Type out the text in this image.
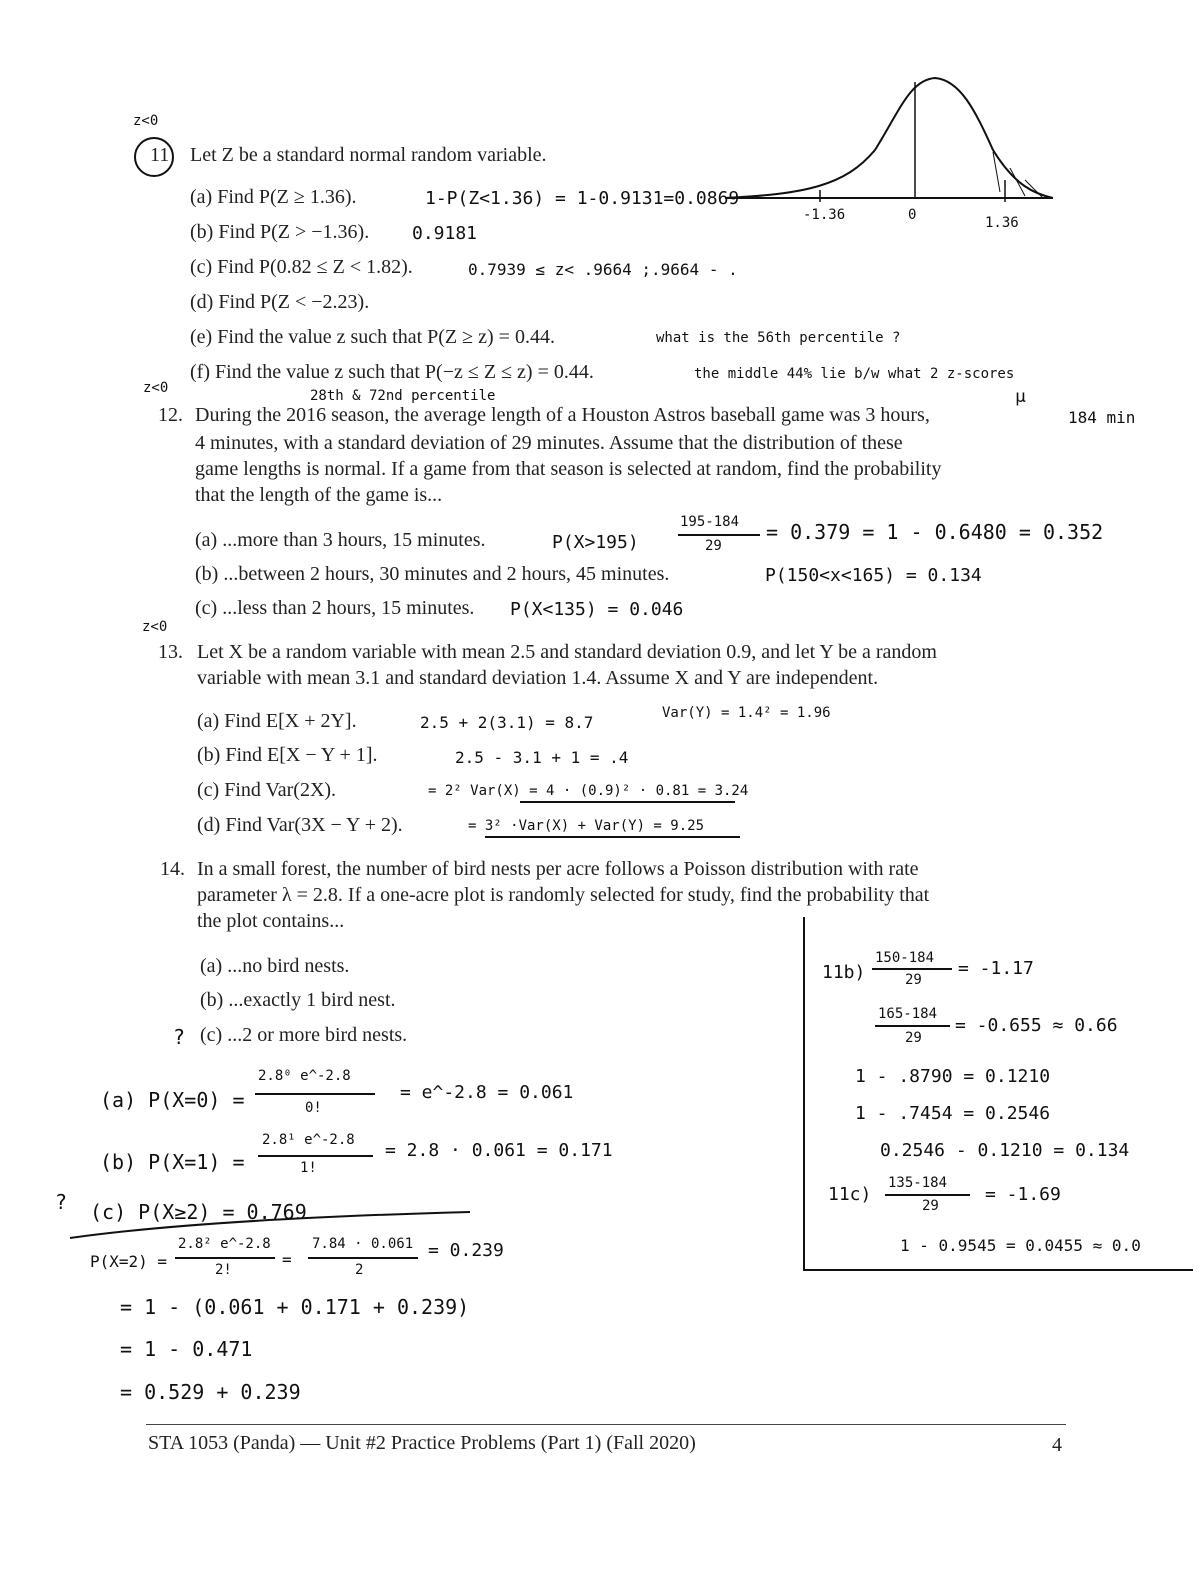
z<0
11 Let Z be a standard normal random variable.
(a) Find P(Z ≥ 1.36).	1-P(Z<1.36) = 1-0.9131=0.0869
(b) Find P(Z > −1.36). 0.9181
(c) Find P(0.82 ≤ Z < 1.82).	0.7939 ≤ z< .9664 ;.9664 - .
(d) Find P(Z < −2.23).
(e) Find the value z such that P(Z ≥ z) = 0.44.	what is the 56th percentile ?
(f) Find the value z such that P(−z ≤ Z ≤ z) = 0.44.	the middle 44% lie b/w what 2 z-scores
28th & 72nd percentile
-1.36	0	1.36
z<0	μ
184 min
12. During the 2016 season, the average length of a Houston Astros baseball game was 3 hours,
4 minutes, with a standard deviation of 29 minutes. Assume that the distribution of these
game lengths is normal. If a game from that season is selected at random, find the probability
that the length of the game is...
(a) ...more than 3 hours, 15 minutes.	P(X>195)
195-184
29
= 0.379 = 1 - 0.6480 = 0.352
(b) ...between 2 hours, 30 minutes and 2 hours, 45 minutes.	P(150<x<165) = 0.134
(c) ...less than 2 hours, 15 minutes. P(X<135) = 0.046
z<0
13. Let X be a random variable with mean 2.5 and standard deviation 0.9, and let Y be a random
variable with mean 3.1 and standard deviation 1.4. Assume X and Y are independent.
Var(Y) = 1.4² = 1.96
(a) Find E[X + 2Y].	2.5 + 2(3.1) = 8.7
(b) Find E[X − Y + 1].	2.5 - 3.1 + 1 = .4
(c) Find Var(2X).	= 2² Var(X) = 4 · (0.9)² · 0.81 = 3.24
(d) Find Var(3X − Y + 2).	= 3² ·Var(X) + Var(Y) = 9.25
14. In a small forest, the number of bird nests per acre follows a Poisson distribution with rate
parameter λ = 2.8. If a one-acre plot is randomly selected for study, find the probability that
the plot contains...
(a) ...no bird nests.
(b) ...exactly 1 bird nest.
? (c) ...2 or more bird nests.
(a) P(X=0) =
2.8⁰ e^-2.8
0!
= e^-2.8 = 0.061
(b) P(X=1) =
2.8¹ e^-2.8
1!
= 2.8 · 0.061 = 0.171
? (c) P(X≥2) = 0.769
P(X=2) =
2.8² e^-2.8
2!
=
7.84 · 0.061
2
= 0.239
= 1 - (0.061 + 0.171 + 0.239)
= 1 - 0.471
= 0.529 + 0.239
11b)
150-184
29
= -1.17
165-184
29
= -0.655 ≈ 0.66
1 - .8790 = 0.1210
1 - .7454 = 0.2546
0.2546 - 0.1210 = 0.134
11c)
135-184
29
= -1.69
1 - 0.9545 = 0.0455 ≈ 0.0
STA 1053 (Panda) — Unit #2 Practice Problems (Part 1) (Fall 2020)	4
